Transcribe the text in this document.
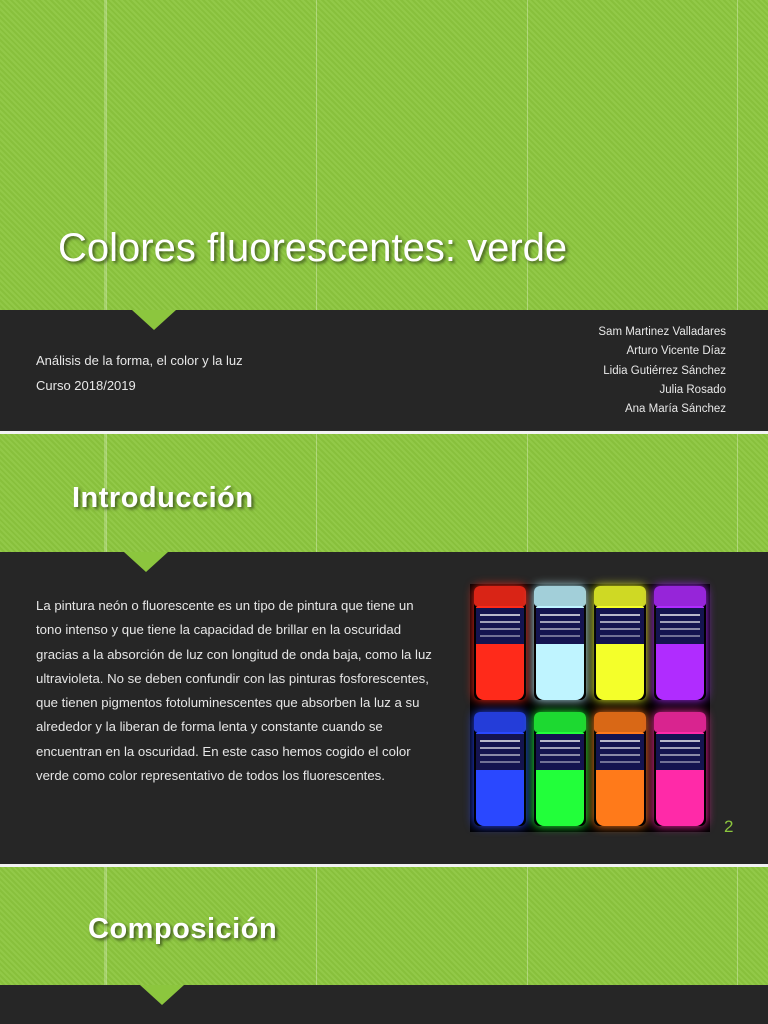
Colores fluorescentes: verde
Análisis de la forma, el color y la luz
Curso 2018/2019
Sam Martinez Valladares
Arturo Vicente Díaz
Lidia Gutiérrez Sánchez
Julia Rosado
Ana María Sánchez
Introducción
La pintura neón o fluorescente es un tipo de pintura que tiene un tono intenso y que tiene la capacidad de brillar en la oscuridad gracias a la absorción de luz con longitud de onda baja, como la luz ultravioleta. No se deben confundir con las pinturas fosforescentes, que tienen pigmentos fotoluminescentes que absorben la luz a su alrededor y la liberan de forma lenta y constante cuando se encuentran en la oscuridad. En este caso hemos cogido el color verde como color representativo de todos los fluorescentes.
2
Composición
